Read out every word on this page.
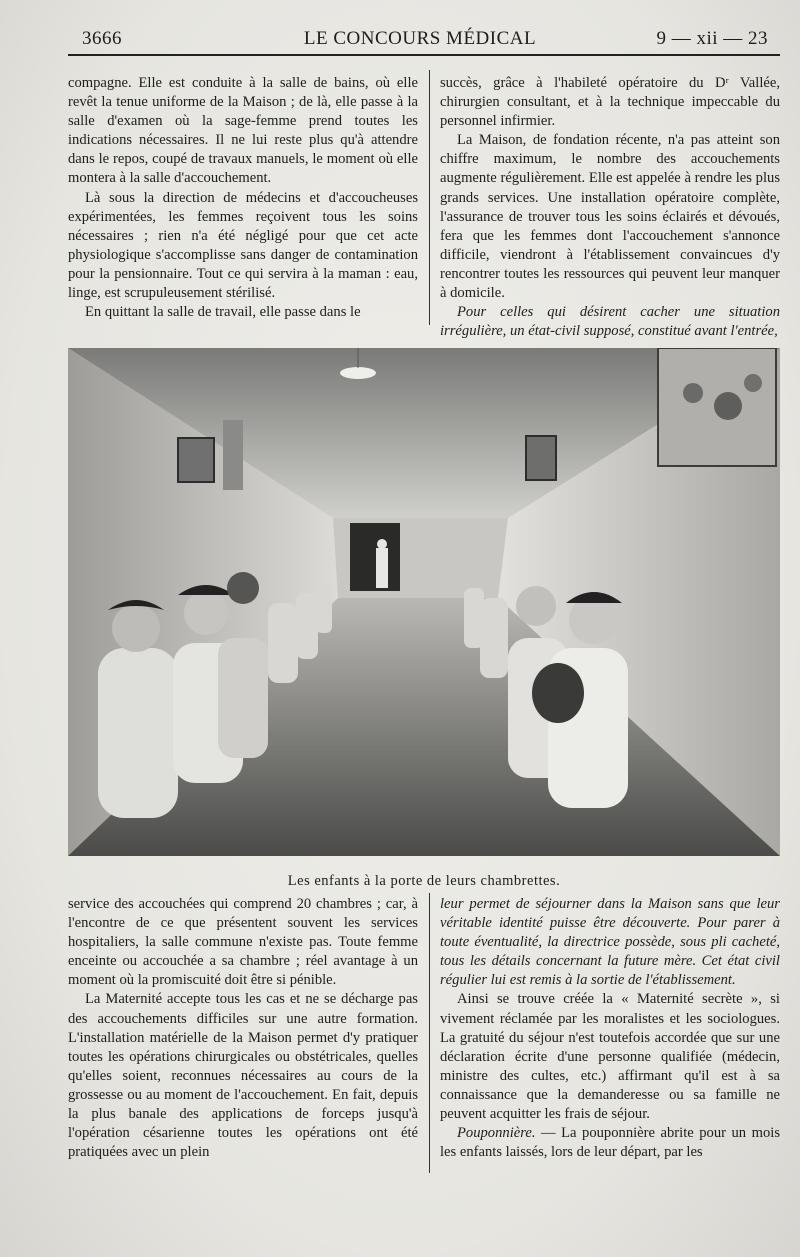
3666	LE CONCOURS MÉDICAL	9 — xii — 23

compagne. Elle est conduite à la salle de bains, où elle revêt la tenue uniforme de la Maison ; de là, elle passe à la salle d'examen où la sage-femme prend toutes les indications nécessaires. Il ne lui reste plus qu'à attendre dans le repos, coupé de travaux manuels, le moment où elle montera à la salle d'accouchement.

Là sous la direction de médecins et d'accoucheuses expérimentées, les femmes reçoivent tous les soins nécessaires ; rien n'a été négligé pour que cet acte physiologique s'accomplisse sans danger de contamination pour la pensionnaire. Tout ce qui servira à la maman : eau, linge, est scrupuleusement stérilisé.

En quittant la salle de travail, elle passe dans le

succès, grâce à l'habileté opératoire du Dʳ Vallée, chirurgien consultant, et à la technique impeccable du personnel infirmier.

La Maison, de fondation récente, n'a pas atteint son chiffre maximum, le nombre des accouchements augmente régulièrement. Elle est appelée à rendre les plus grands services. Une installation opératoire complète, l'assurance de trouver tous les soins éclairés et dévoués, fera que les femmes dont l'accouchement s'annonce difficile, viendront à l'établissement convaincues d'y rencontrer toutes les ressources qui peuvent leur manquer à domicile.

Pour celles qui désirent cacher une situation irrégulière, un état-civil supposé, constitué avant l'entrée,

Les enfants à la porte de leurs chambrettes.

service des accouchées qui comprend 20 chambres ; car, à l'encontre de ce que présentent souvent les services hospitaliers, la salle commune n'existe pas. Toute femme enceinte ou accouchée a sa chambre ; réel avantage à un moment où la promiscuité doit être si pénible.

La Maternité accepte tous les cas et ne se décharge pas des accouchements difficiles sur une autre formation. L'installation matérielle de la Maison permet d'y pratiquer toutes les opérations chirurgicales ou obstétricales, quelles qu'elles soient, reconnues nécessaires au cours de la grossesse ou au moment de l'accouchement. En fait, depuis la plus banale des applications de forceps jusqu'à l'opération césarienne toutes les opérations ont été pratiquées avec un plein

leur permet de séjourner dans la Maison sans que leur véritable identité puisse être découverte. Pour parer à toute éventualité, la directrice possède, sous pli cacheté, tous les détails concernant la future mère. Cet état civil régulier lui est remis à la sortie de l'établissement.

Ainsi se trouve créée la « Maternité secrète », si vivement réclamée par les moralistes et les sociologues. La gratuité du séjour n'est toutefois accordée que sur une déclaration écrite d'une personne qualifiée (médecin, ministre des cultes, etc.) affirmant qu'il est à sa connaissance que la demanderesse ou sa famille ne peuvent acquitter les frais de séjour.

Pouponnière. — La pouponnière abrite pour un mois les enfants laissés, lors de leur départ, par les
